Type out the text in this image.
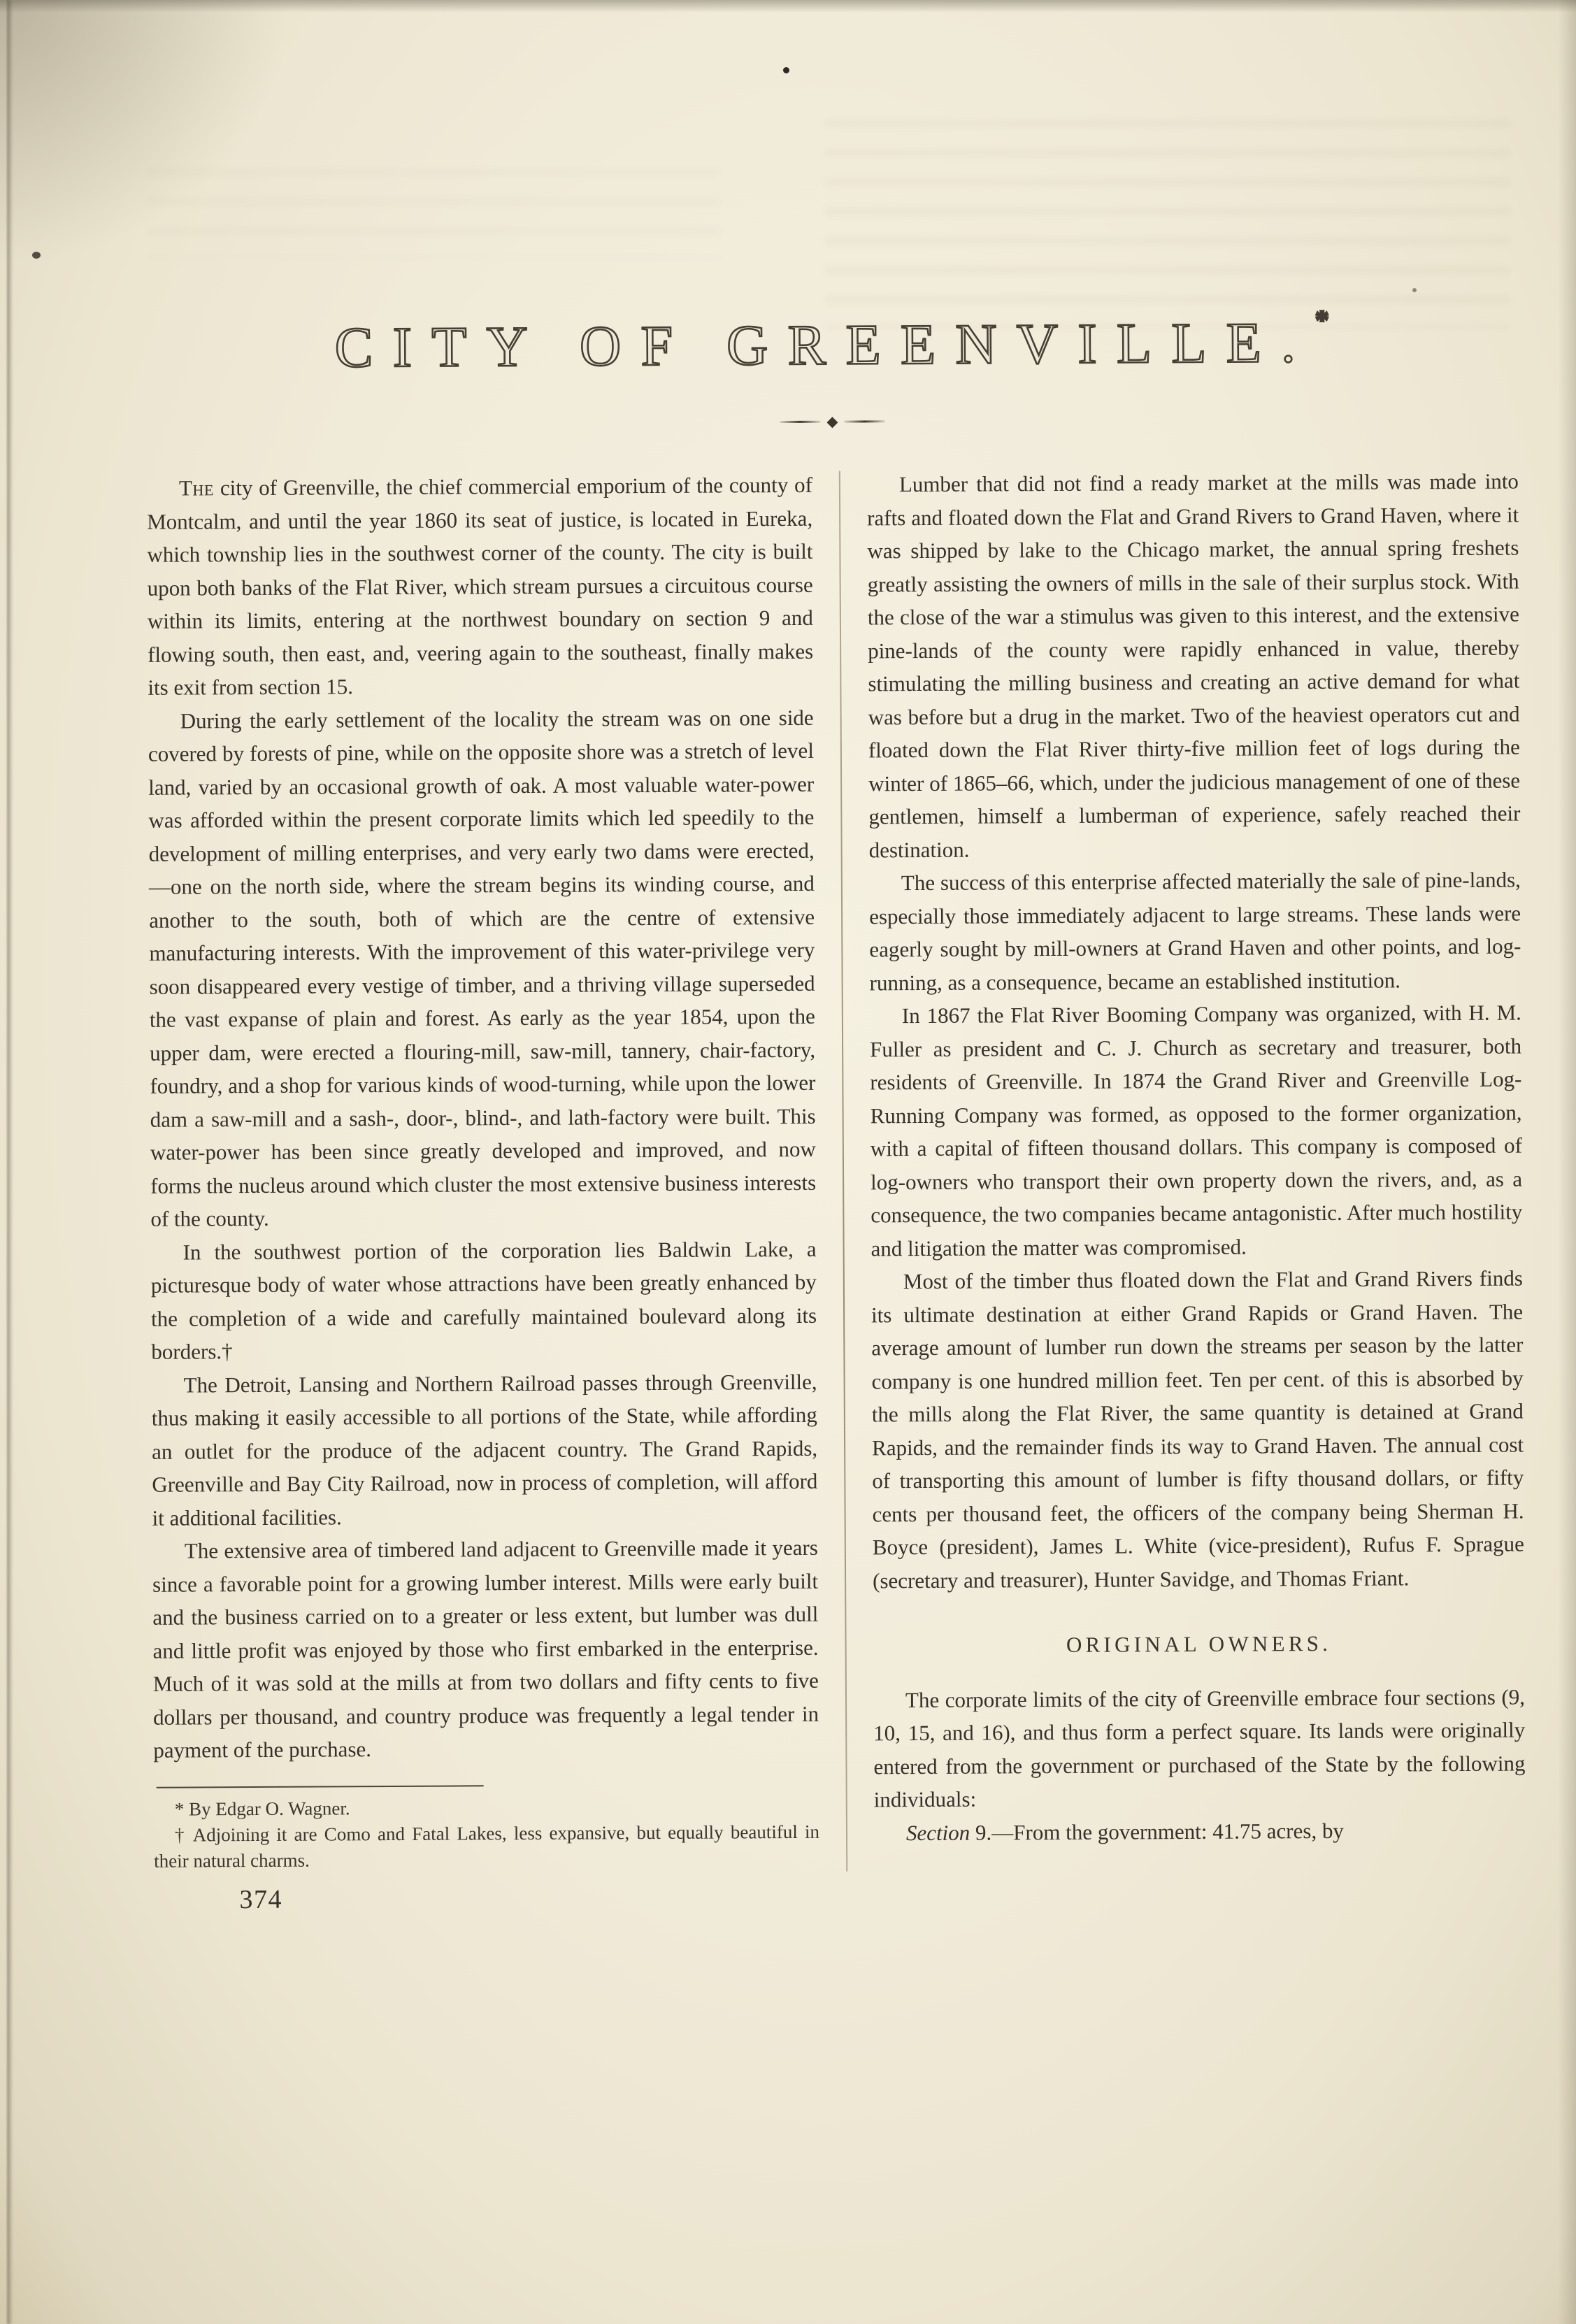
CITY OF GREENVILLE.*
◆

The city of Greenville, the chief commercial emporium of the county of Montcalm, and until the year 1860 its seat of justice, is located in Eureka, which township lies in the southwest corner of the county. The city is built upon both banks of the Flat River, which stream pursues a circuitous course within its limits, entering at the northwest boundary on section 9 and flowing south, then east, and, veering again to the southeast, finally makes its exit from section 15.

During the early settlement of the locality the stream was on one side covered by forests of pine, while on the opposite shore was a stretch of level land, varied by an occasional growth of oak. A most valuable water-power was afforded within the present corporate limits which led speedily to the development of milling enterprises, and very early two dams were erected,—one on the north side, where the stream begins its winding course, and another to the south, both of which are the centre of extensive manufacturing interests. With the improvement of this water-privilege very soon disappeared every vestige of timber, and a thriving village superseded the vast expanse of plain and forest. As early as the year 1854, upon the upper dam, were erected a flouring-mill, saw-mill, tannery, chair-factory, foundry, and a shop for various kinds of wood-turning, while upon the lower dam a saw-mill and a sash-, door-, blind-, and lath-factory were built. This water-power has been since greatly developed and improved, and now forms the nucleus around which cluster the most extensive business interests of the county.

In the southwest portion of the corporation lies Baldwin Lake, a picturesque body of water whose attractions have been greatly enhanced by the completion of a wide and carefully maintained boulevard along its borders.†

The Detroit, Lansing and Northern Railroad passes through Greenville, thus making it easily accessible to all portions of the State, while affording an outlet for the produce of the adjacent country. The Grand Rapids, Greenville and Bay City Railroad, now in process of completion, will afford it additional facilities.

The extensive area of timbered land adjacent to Greenville made it years since a favorable point for a growing lumber interest. Mills were early built and the business carried on to a greater or less extent, but lumber was dull and little profit was enjoyed by those who first embarked in the enterprise. Much of it was sold at the mills at from two dollars and fifty cents to five dollars per thousand, and country produce was frequently a legal tender in payment of the purchase.

* By Edgar O. Wagner.

† Adjoining it are Como and Fatal Lakes, less expansive, but equally beautiful in their natural charms.

374

Lumber that did not find a ready market at the mills was made into rafts and floated down the Flat and Grand Rivers to Grand Haven, where it was shipped by lake to the Chicago market, the annual spring freshets greatly assisting the owners of mills in the sale of their surplus stock. With the close of the war a stimulus was given to this interest, and the extensive pine-lands of the county were rapidly enhanced in value, thereby stimulating the milling business and creating an active demand for what was before but a drug in the market. Two of the heaviest operators cut and floated down the Flat River thirty-five million feet of logs during the winter of 1865–66, which, under the judicious management of one of these gentlemen, himself a lumberman of experience, safely reached their destination.

The success of this enterprise affected materially the sale of pine-lands, especially those immediately adjacent to large streams. These lands were eagerly sought by mill-owners at Grand Haven and other points, and log-running, as a consequence, became an established institution.

In 1867 the Flat River Booming Company was organized, with H. M. Fuller as president and C. J. Church as secretary and treasurer, both residents of Greenville. In 1874 the Grand River and Greenville Log-Running Company was formed, as opposed to the former organization, with a capital of fifteen thousand dollars. This company is composed of log-owners who transport their own property down the rivers, and, as a consequence, the two companies became antagonistic. After much hostility and litigation the matter was compromised.

Most of the timber thus floated down the Flat and Grand Rivers finds its ultimate destination at either Grand Rapids or Grand Haven. The average amount of lumber run down the streams per season by the latter company is one hundred million feet. Ten per cent. of this is absorbed by the mills along the Flat River, the same quantity is detained at Grand Rapids, and the remainder finds its way to Grand Haven. The annual cost of transporting this amount of lumber is fifty thousand dollars, or fifty cents per thousand feet, the officers of the company being Sherman H. Boyce (president), James L. White (vice-president), Rufus F. Sprague (secretary and treasurer), Hunter Savidge, and Thomas Friant.

ORIGINAL OWNERS.

The corporate limits of the city of Greenville embrace four sections (9, 10, 15, and 16), and thus form a perfect square. Its lands were originally entered from the government or purchased of the State by the following individuals:

Section 9.—From the government: 41.75 acres, by
